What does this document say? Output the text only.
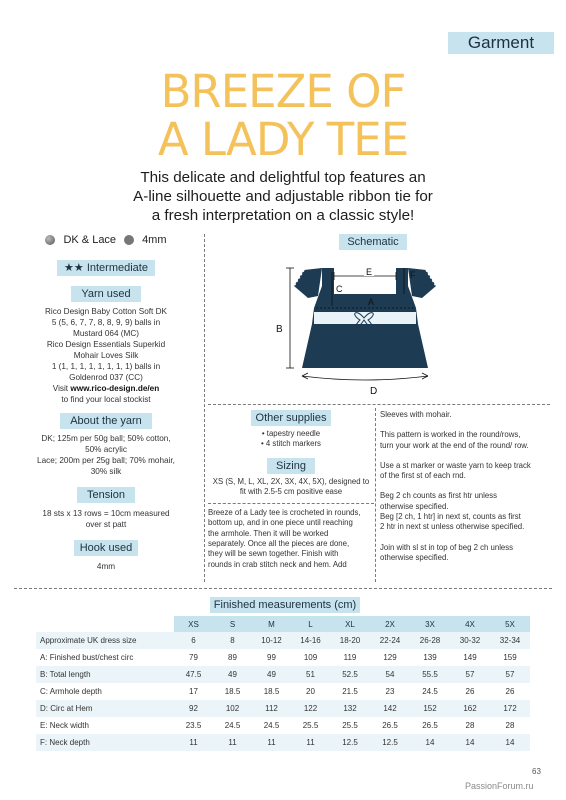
Garment
BREEZE OF
A LADY TEE
This delicate and delightful top features an
A-line silhouette and adjustable ribbon tie for
a fresh interpretation on a classic style!
DK & Lace 4mm
★★ Intermediate
Yarn used
Rico Design Baby Cotton Soft DK
5 (5, 6, 7, 7, 8, 8, 9, 9) balls in
Mustard 064 (MC)
Rico Design Essentials Superkid
Mohair Loves Silk
1 (1, 1, 1, 1, 1, 1, 1, 1) balls in
Goldenrod 037 (CC)
Visit www.rico-design.de/en
to find your local stockist
About the yarn
DK; 125m per 50g ball; 50% cotton,
50% acrylic
Lace; 200m per 25g ball; 70% mohair,
30% silk
Tension
18 sts x 13 rows = 10cm measured
over st patt
Hook used
4mm
Schematic
E	F
C
A
B
D
Other supplies
• tapestry needle
• 4 stitch markers
Sizing
XS (S, M, L, XL, 2X, 3X, 4X, 5X), designed to
fit with 2.5-5 cm positive ease
Breeze of a Lady tee is crocheted in rounds,
bottom up, and in one piece until reaching
the armhole. Then it will be worked
separately. Once all the pieces are done,
they will be sewn together. Finish with
rounds in crab stitch neck and hem. Add

Sleeves with mohair.

This pattern is worked in the round/rows,
turn your work at the end of the round/ row.

Use a st marker or waste yarn to keep track
of the first st of each rnd.

Beg 2 ch counts as first htr unless
otherwise specified.
Beg [2 ch, 1 htr] in next st, counts as first
2 htr in next st unless otherwise specified.

Join with sl st in top of beg 2 ch unless
otherwise specified.

Finished measurements (cm)
	XS	S	M	L	XL	2X	3X	4X	5X
Approximate UK dress size	6	8	10-12	14-16	18-20	22-24	26-28	30-32	32-34
A: Finished bust/chest circ	79	89	99	109	119	129	139	149	159
B: Total length	47.5	49	49	51	52.5	54	55.5	57	57
C: Armhole depth	17	18.5	18.5	20	21.5	23	24.5	26	26
D: Circ at Hem	92	102	112	122	132	142	152	162	172
E: Neck width	23.5	24.5	24.5	25.5	25.5	26.5	26.5	28	28
F: Neck depth	11	11	11	11	12.5	12.5	14	14	14
63
PassionForum.ru
